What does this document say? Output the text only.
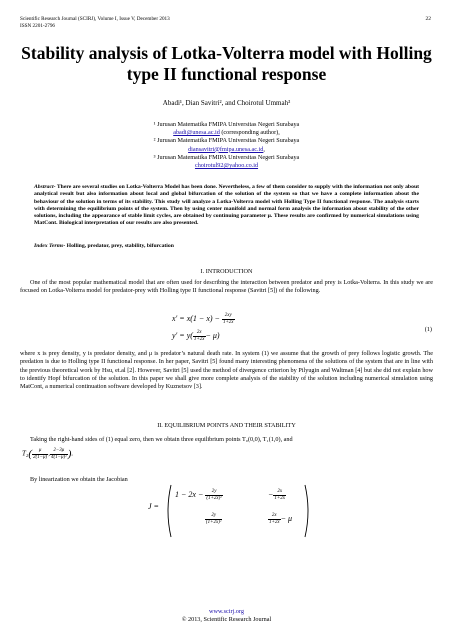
Scientific Research Journal (SCIRJ), Volume I, Issue V, December 2013
ISSN 2201-2796
22
Stability analysis of Lotka-Volterra model with Holling type II functional response
Abadi¹, Dian Savitri², and Choirotul Ummah³
¹ Jurusan Matematika FMIPA Universitas Negeri Surabaya
abadi@unesa.ac.id (corresponding author),
² Jurusan Matematika FMIPA Universitas Negeri Surabaya
diansavitri@fmipa.unesa.ac.id,
³ Jurusan Matematika FMIPA Universitas Negeri Surabaya
choirotul92@yahoo.co.id
Abstract- There are several studies on Lotka-Volterra Model has been done. Nevertheless, a few of them consider to supply with the information not only about analytical result but also information about local and global bifurcation of the solution of the system so that we have a complete information about the behaviour of the solution in terms of its stability. This study will analyze a Lotka-Volterra model with Holling Type II functional response. The analysis starts with determining the equilibrium points of the system. Then by using center manifold and normal form analysis the information about stability of the other solutions, including the appearance of stable limit cycles, are obtained by continuing parameter μ. These results are confirmed by numerical simulations using MatCont. Biological interpretation of our results are also presented.
Index Terms- Holling, predator, prey, stability, bifurcation
I. INTRODUCTION
One of the most popular mathematical model that are often used for describing the interaction between predator and prey is Lotka-Volterra. In this study we are focused on Lotka-Volterra model for predator-prey with Holling type II functional response (Savitri [5]) of the following.
$x' = x(1 - x) - \frac{2xy}{1+2x}$
$y' = y( \frac{2x}{1+2x} - \mu)$
(1)
where x is prey density, y is predator density, and μ is predator’s natural death rate. In system (1) we assume that the growth of prey follows logistic growth. The predation is due to Holling type II functional response. In her paper, Savitri [5] found many interesting phenomena of the solutions of the system that are in line with the previous theoretical work by Hsu, et.al [2]. However, Savitri [5] used the method of divergence criterion by Pilyugin and Waltman [4] but she did not explain how to identify Hopf bifurcation of the solution. In this paper we shall give more complete analysis of the stability of the solution including numerical simulation using MatCont, a numerical continuation software developed by Kuznetsov [3].
II. EQUILIBRIUM POINTS AND THEIR STABILITY
Taking the right-hand sides of (1) equal zero, then we obtain three equilibrium points T₀(0,0), T₁(1,0), and
$T_2( \frac{\mu}{2(1-\mu)}$ , $\frac{2-3\mu}{\text{4(1−μ)²}}$ ).
By linearization we obtain the Jacobian
J =
$1 - 2x - \frac{2y}{\text{(1+2x)²}}$	− $\frac{2x}{1+2x}$
$\frac{2y}{\text{(1+2x)²}}$	$\frac{2x}{1+2x} - \mu$
www.scirj.org
© 2013, Scientific Research Journal
